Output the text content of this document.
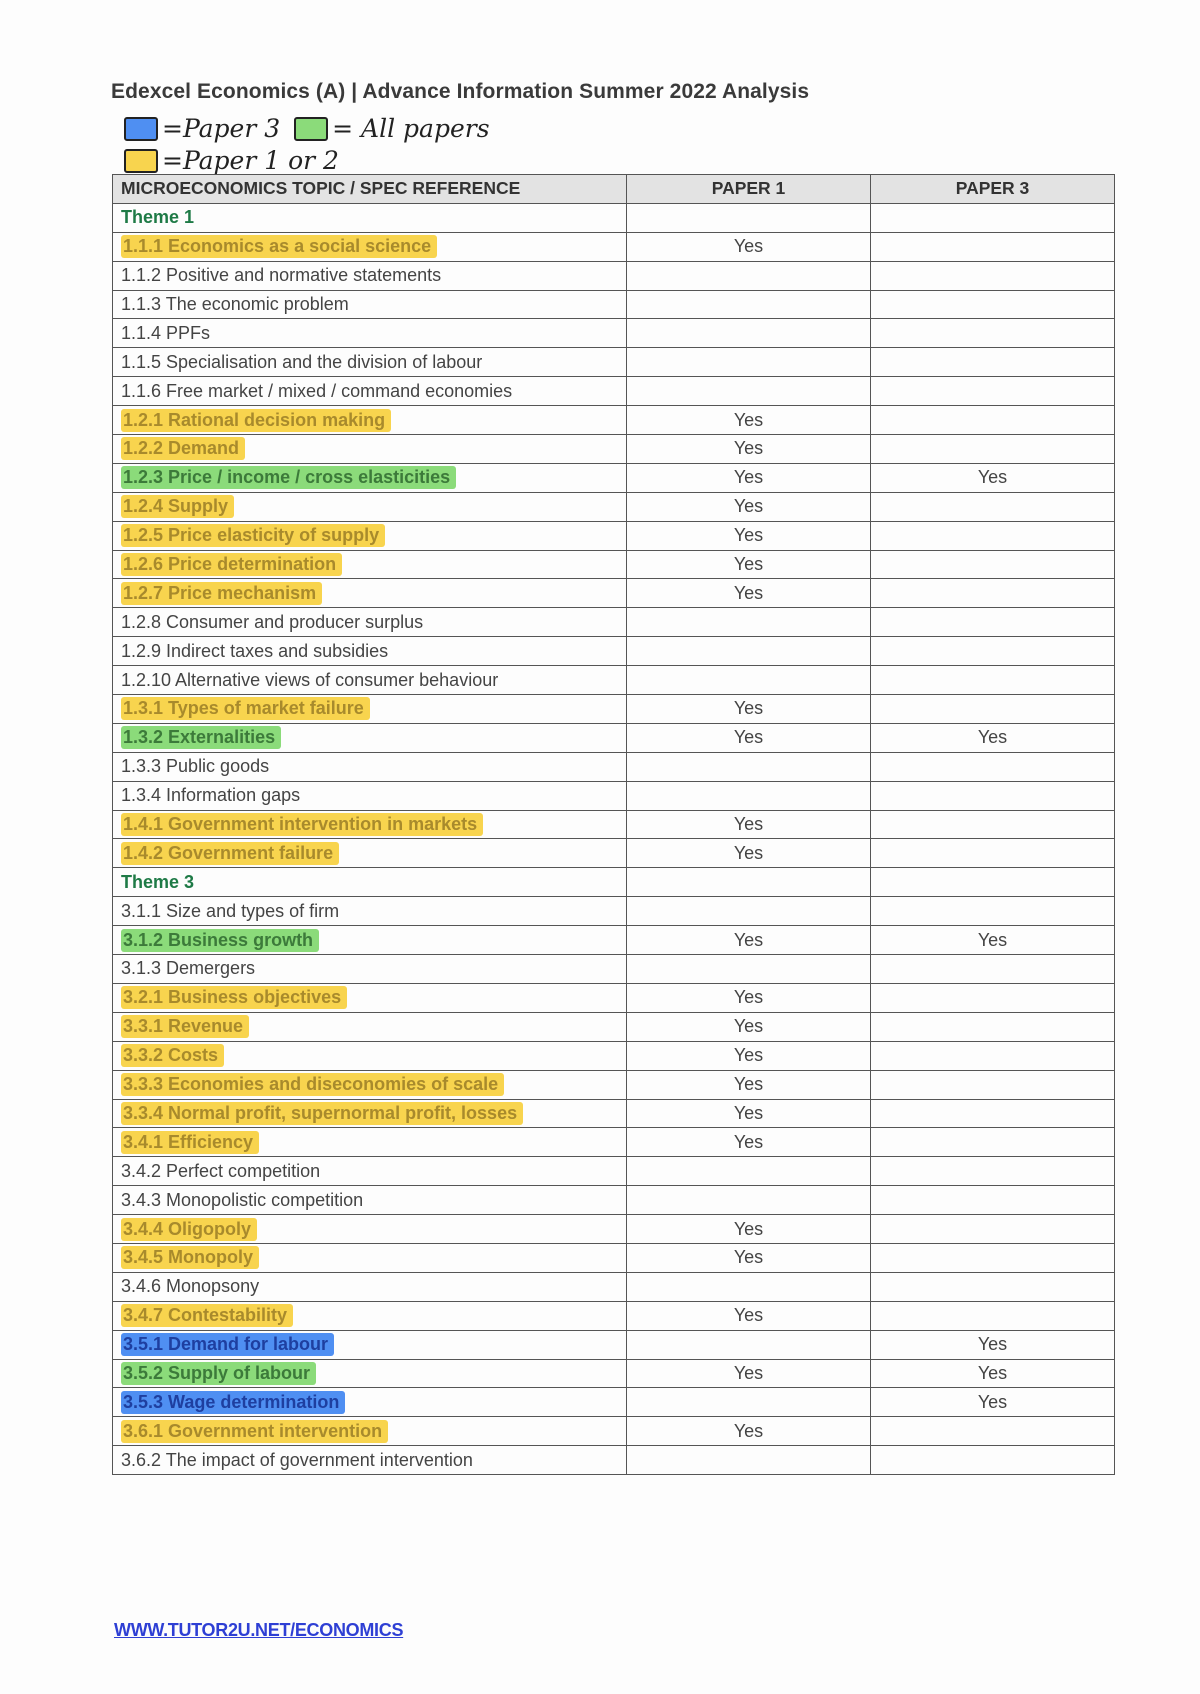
Edexcel Economics (A) | Advance Information Summer 2022 Analysis
=Paper 3 = All papers
=Paper 1 or 2
MICROECONOMICS TOPIC / SPEC REFERENCE	PAPER 1	PAPER 3
Theme 1		
1.1.1 Economics as a social science	Yes	
1.1.2 Positive and normative statements		
1.1.3 The economic problem		
1.1.4 PPFs		
1.1.5 Specialisation and the division of labour		
1.1.6 Free market / mixed / command economies		
1.2.1 Rational decision making	Yes	
1.2.2 Demand	Yes	
1.2.3 Price / income / cross elasticities	Yes	Yes
1.2.4 Supply	Yes	
1.2.5 Price elasticity of supply	Yes	
1.2.6 Price determination	Yes	
1.2.7 Price mechanism	Yes	
1.2.8 Consumer and producer surplus		
1.2.9 Indirect taxes and subsidies		
1.2.10 Alternative views of consumer behaviour		
1.3.1 Types of market failure	Yes	
1.3.2 Externalities	Yes	Yes
1.3.3 Public goods		
1.3.4 Information gaps		
1.4.1 Government intervention in markets	Yes	
1.4.2 Government failure	Yes	
Theme 3		
3.1.1 Size and types of firm		
3.1.2 Business growth	Yes	Yes
3.1.3 Demergers		
3.2.1 Business objectives	Yes	
3.3.1 Revenue	Yes	
3.3.2 Costs	Yes	
3.3.3 Economies and diseconomies of scale	Yes	
3.3.4 Normal profit, supernormal profit, losses	Yes	
3.4.1 Efficiency	Yes	
3.4.2 Perfect competition		
3.4.3 Monopolistic competition		
3.4.4 Oligopoly	Yes	
3.4.5 Monopoly	Yes	
3.4.6 Monopsony		
3.4.7 Contestability	Yes	
3.5.1 Demand for labour		Yes
3.5.2 Supply of labour	Yes	Yes
3.5.3 Wage determination		Yes
3.6.1 Government intervention	Yes	
3.6.2 The impact of government intervention		
WWW.TUTOR2U.NET/ECONOMICS
